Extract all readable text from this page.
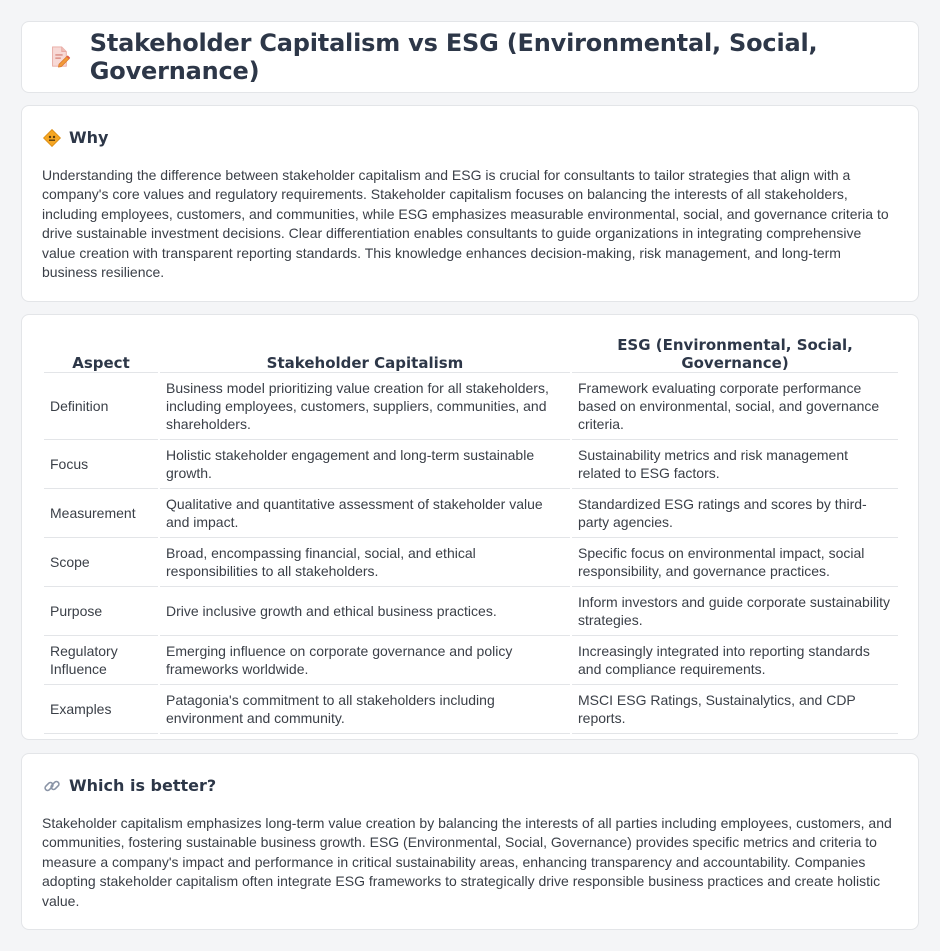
Stakeholder Capitalism vs ESG (Environmental, Social, Governance)
Why

Understanding the difference between stakeholder capitalism and ESG is crucial for consultants to tailor strategies that align with a company's core values and regulatory requirements. Stakeholder capitalism focuses on balancing the interests of all stakeholders, including employees, customers, and communities, while ESG emphasizes measurable environmental, social, and governance criteria to drive sustainable investment decisions. Clear differentiation enables consultants to guide organizations in integrating comprehensive value creation with transparent reporting standards. This knowledge enhances decision-making, risk management, and long-term business resilience.

Aspect	Stakeholder Capitalism	ESG (Environmental, Social, Governance)
Definition	Business model prioritizing value creation for all stakeholders, including employees, customers, suppliers, communities, and shareholders.	Framework evaluating corporate performance based on environmental, social, and governance criteria.
Focus	Holistic stakeholder engagement and long-term sustainable growth.	Sustainability metrics and risk management related to ESG factors.
Measurement	Qualitative and quantitative assessment of stakeholder value and impact.	Standardized ESG ratings and scores by third-party agencies.
Scope	Broad, encompassing financial, social, and ethical responsibilities to all stakeholders.	Specific focus on environmental impact, social responsibility, and governance practices.
Purpose	Drive inclusive growth and ethical business practices.	Inform investors and guide corporate sustainability strategies.
Regulatory Influence	Emerging influence on corporate governance and policy frameworks worldwide.	Increasingly integrated into reporting standards and compliance requirements.
Examples	Patagonia's commitment to all stakeholders including environment and community.	MSCI ESG Ratings, Sustainalytics, and CDP reports.
Which is better?

Stakeholder capitalism emphasizes long-term value creation by balancing the interests of all parties including employees, customers, and communities, fostering sustainable business growth. ESG (Environmental, Social, Governance) provides specific metrics and criteria to measure a company's impact and performance in critical sustainability areas, enhancing transparency and accountability. Companies adopting stakeholder capitalism often integrate ESG frameworks to strategically drive responsible business practices and create holistic value.
